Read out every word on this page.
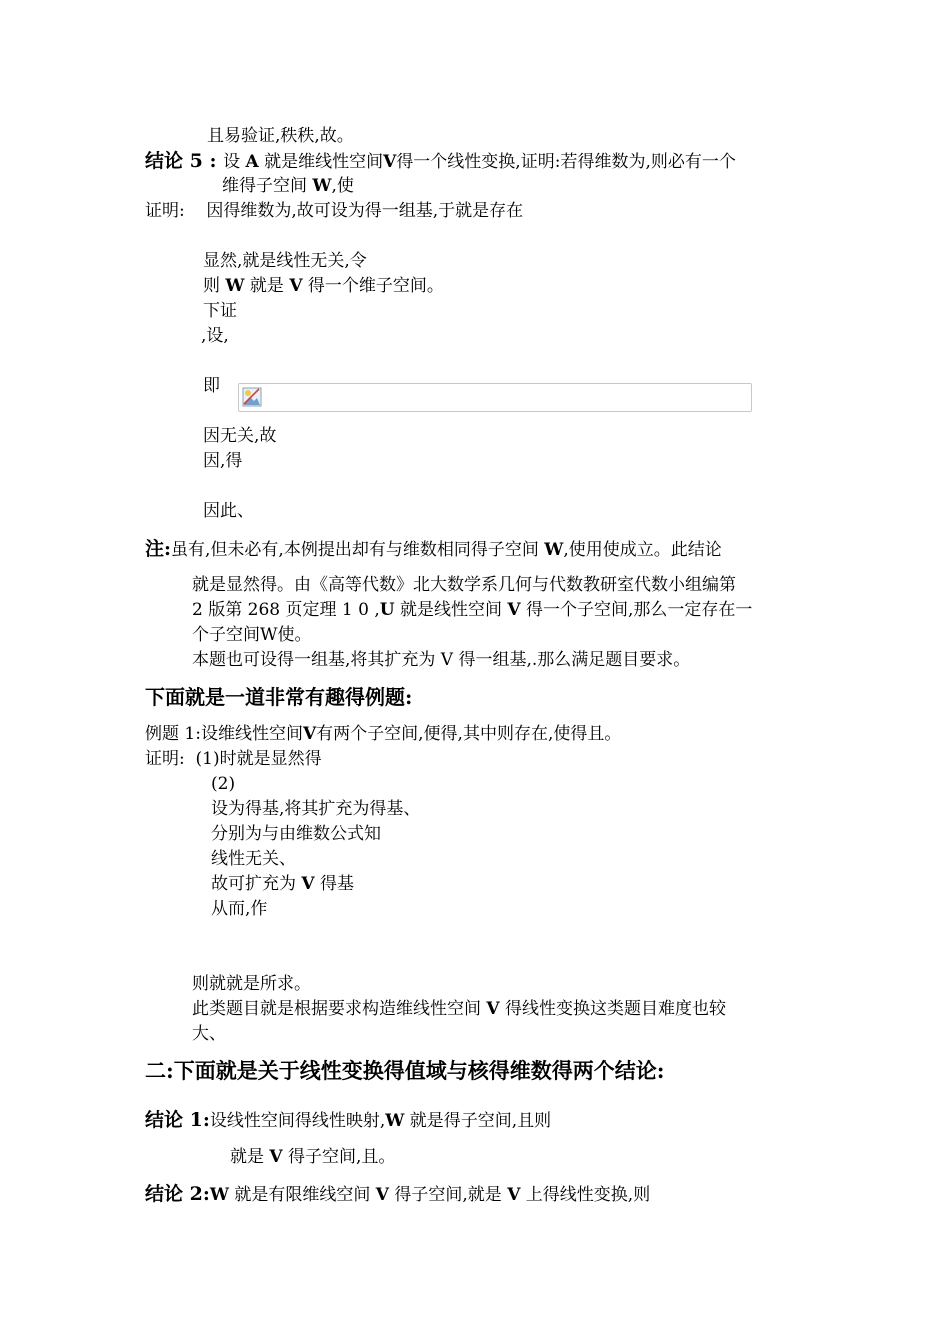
且易验证,秩秩,故。
结论 5 : 设 A 就是维线性空间V得一个线性变换,证明:若得维数为,则必有一个
维得子空间 W,使
证明:    因得维数为,故可设为得一组基,于就是存在
显然,就是线性无关,令
则 W 就是 V 得一个维子空间。
下证
,设,
即
因无关,故
因,得
因此、
注:虽有,但未必有,本例提出却有与维数相同得子空间 W,使用使成立。此结论
就是显然得。由《高等代数》北大数学系几何与代数教研室代数小组编第
2 版第 268 页定理 1 0 ,U 就是线性空间 V 得一个子空间,那么一定存在一
个子空间W使。
本题也可设得一组基,将其扩充为 V 得一组基,.那么满足题目要求。
下面就是一道非常有趣得例题:
例题 1:设维线性空间V有两个子空间,便得,其中则存在,使得且。
证明:  (1)时就是显然得
(2)
设为得基,将其扩充为得基、
分别为与由维数公式知
线性无关、
故可扩充为 V 得基
从而,作
则就就是所求。
此类题目就是根据要求构造维线性空间 V 得线性变换这类题目难度也较
大、
二:下面就是关于线性变换得值域与核得维数得两个结论:
结论 1:设线性空间得线性映射,W 就是得子空间,且则
就是 V 得子空间,且。
结论 2:W 就是有限维线空间 V 得子空间,就是 V 上得线性变换,则
